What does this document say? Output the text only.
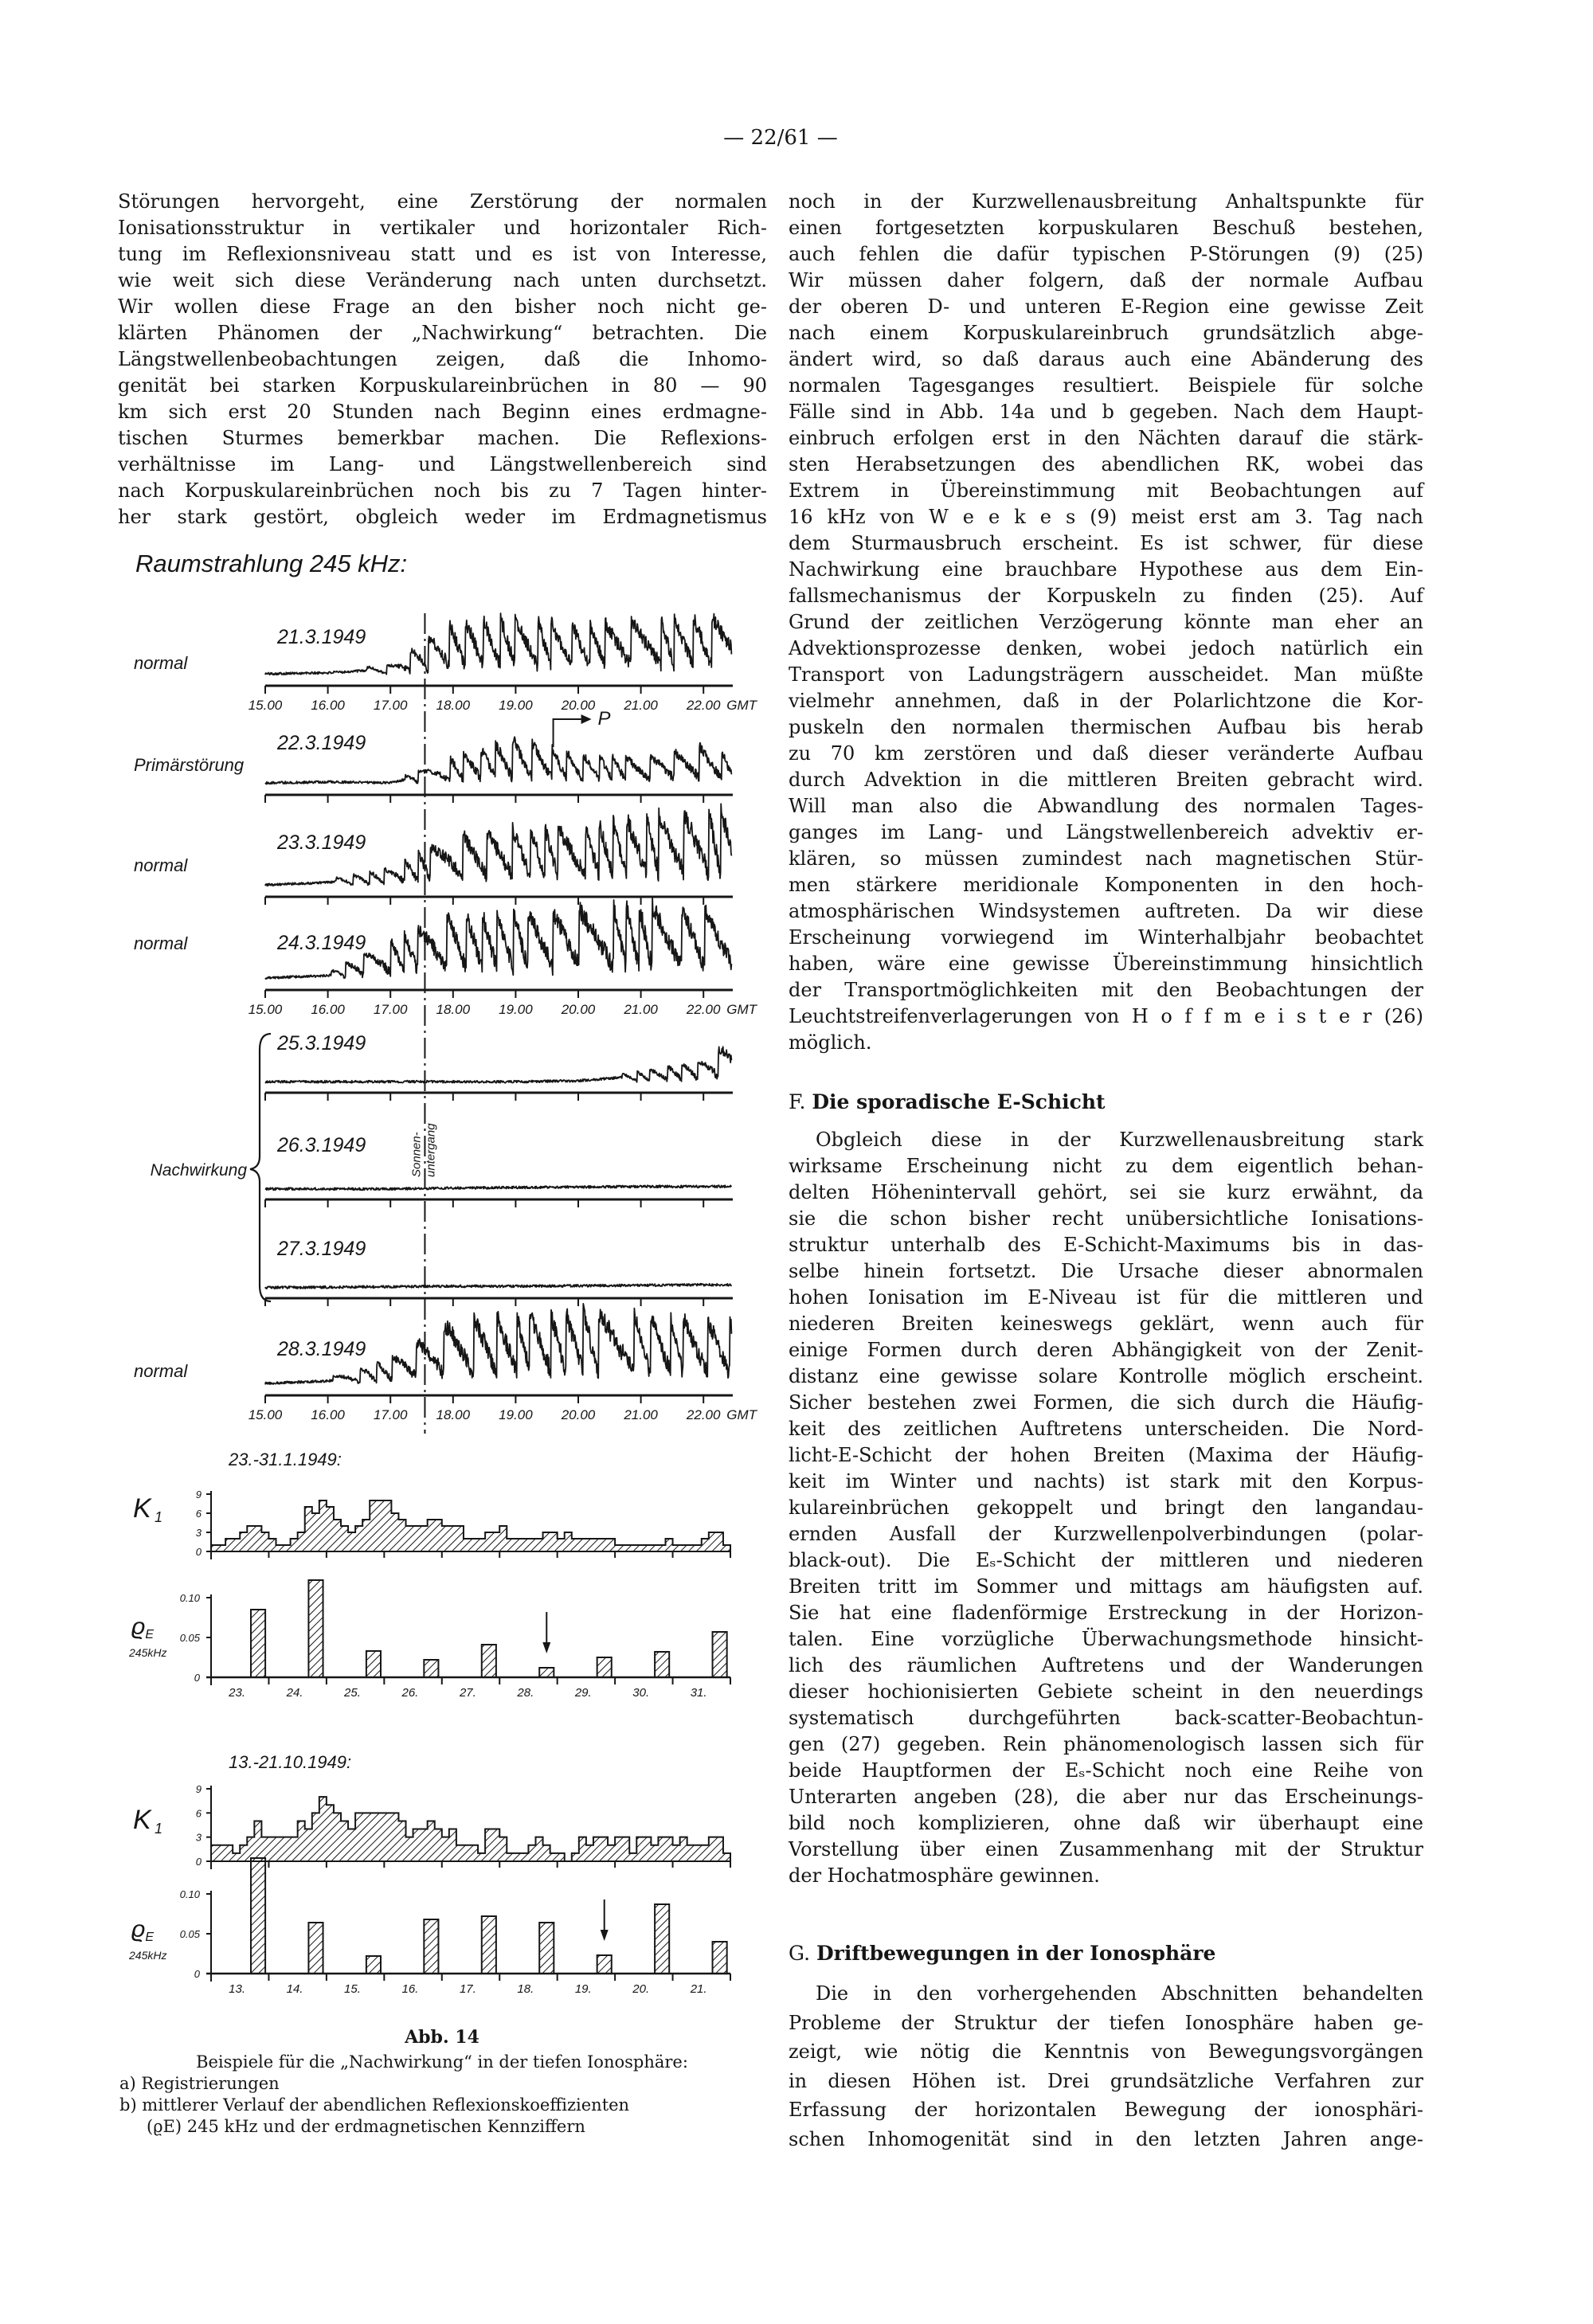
— 22/61 —
Störungen hervorgeht, eine Zerstörung der normalen
Ionisationsstruktur in vertikaler und horizontaler Rich-
tung im Reflexionsniveau statt und es ist von Interesse,
wie weit sich diese Veränderung nach unten durchsetzt.
Wir wollen diese Frage an den bisher noch nicht ge-
klärten Phänomen der „Nachwirkung“ betrachten. Die
Längstwellenbeobachtungen zeigen, daß die Inhomo-
genität bei starken Korpuskulareinbrüchen in 80 — 90
km sich erst 20 Stunden nach Beginn eines erdmagne-
tischen Sturmes bemerkbar machen. Die Reflexions-
verhältnisse im Lang- und Längstwellenbereich sind
nach Korpuskulareinbrüchen noch bis zu 7 Tagen hinter-
her stark gestört, obgleich weder im Erdmagnetismus
noch in der Kurzwellenausbreitung Anhaltspunkte für
einen fortgesetzten korpuskularen Beschuß bestehen,
auch fehlen die dafür typischen P-Störungen (9) (25)
Wir müssen daher folgern, daß der normale Aufbau
der oberen D- und unteren E-Region eine gewisse Zeit
nach einem Korpuskulareinbruch grundsätzlich abge-
ändert wird, so daß daraus auch eine Abänderung des
normalen Tagesganges resultiert. Beispiele für solche
Fälle sind in Abb. 14a und b gegeben. Nach dem Haupt-
einbruch erfolgen erst in den Nächten darauf die stärk-
sten Herabsetzungen des abendlichen RK, wobei das
Extrem in Übereinstimmung mit Beobachtungen auf
16 kHz von W e e k e s (9) meist erst am 3. Tag nach
dem Sturmausbruch erscheint. Es ist schwer, für diese
Nachwirkung eine brauchbare Hypothese aus dem Ein-
fallsmechanismus der Korpuskeln zu finden (25). Auf
Grund der zeitlichen Verzögerung könnte man eher an
Advektionsprozesse denken, wobei jedoch natürlich ein
Transport von Ladungsträgern ausscheidet. Man müßte
vielmehr annehmen, daß in der Polarlichtzone die Kor-
puskeln den normalen thermischen Aufbau bis herab
zu 70 km zerstören und daß dieser veränderte Aufbau
durch Advektion in die mittleren Breiten gebracht wird.
Will man also die Abwandlung des normalen Tages-
ganges im Lang- und Längstwellenbereich advektiv er-
klären, so müssen zumindest nach magnetischen Stür-
men stärkere meridionale Komponenten in den hoch-
atmosphärischen Windsystemen auftreten. Da wir diese
Erscheinung vorwiegend im Winterhalbjahr beobachtet
haben, wäre eine gewisse Übereinstimmung hinsichtlich
der Transportmöglichkeiten mit den Beobachtungen der
Leuchtstreifenverlagerungen von H o f f m e i s t e r (26)
möglich.
F. Die sporadische E-Schicht
Obgleich diese in der Kurzwellenausbreitung stark
wirksame Erscheinung nicht zu dem eigentlich behan-
delten Höhenintervall gehört, sei sie kurz erwähnt, da
sie die schon bisher recht unübersichtliche Ionisations-
struktur unterhalb des E-Schicht-Maximums bis in das-
selbe hinein fortsetzt. Die Ursache dieser abnormalen
hohen Ionisation im E-Niveau ist für die mittleren und
niederen Breiten keineswegs geklärt, wenn auch für
einige Formen durch deren Abhängigkeit von der Zenit-
distanz eine gewisse solare Kontrolle möglich erscheint.
Sicher bestehen zwei Formen, die sich durch die Häufig-
keit des zeitlichen Auftretens unterscheiden. Die Nord-
licht-E-Schicht der hohen Breiten (Maxima der Häufig-
keit im Winter und nachts) ist stark mit den Korpus-
kulareinbrüchen gekoppelt und bringt den langandau-
ernden Ausfall der Kurzwellenpolverbindungen (polar-
black-out). Die Eₛ-Schicht der mittleren und niederen
Breiten tritt im Sommer und mittags am häufigsten auf.
Sie hat eine fladenförmige Erstreckung in der Horizon-
talen. Eine vorzügliche Überwachungsmethode hinsicht-
lich des räumlichen Auftretens und der Wanderungen
dieser hochionisierten Gebiete scheint in den neuerdings
systematisch durchgeführten back-scatter-Beobachtun-
gen (27) gegeben. Rein phänomenologisch lassen sich für
beide Hauptformen der Eₛ-Schicht noch eine Reihe von
Unterarten angeben (28), die aber nur das Erscheinungs-
bild noch komplizieren, ohne daß wir überhaupt eine
Vorstellung über einen Zusammenhang mit der Struktur
der Hochatmosphäre gewinnen.
G. Driftbewegungen in der Ionosphäre
Die in den vorhergehenden Abschnitten behandelten
Probleme der Struktur der tiefen Ionosphäre haben ge-
zeigt, wie nötig die Kenntnis von Bewegungsvorgängen
in diesen Höhen ist. Drei grundsätzliche Verfahren zur
Erfassung der horizontalen Bewegung der ionosphäri-
schen Inhomogenität sind in den letzten Jahren ange-
Raumstrahlung 245 kHz:
21.3.1949
normal
15.00 16.00 17.00 18.00 19.00 20.00 21.00 22.00 GMT
22.3.1949
Primärstörung
P
23.3.1949
normal
24.3.1949
normal
15.00 16.00 17.00 18.00 19.00 20.00 21.00 22.00 GMT
25.3.1949
26.3.1949
27.3.1949
28.3.1949
normal
15.00 16.00 17.00 18.00 19.00 20.00 21.00 22.00 GMT
Sonnen-untergang
Nachwirkung
23.-31.1.1949:
0
3
6
9
K 1
0
0.05
0.10
23.	24.	25.	26.	27.	28.	29.	30.	31.
ϱE
245kHz
13.-21.10.1949:
0
3
6
9
K 1
0
0.05
0.10
13.	14.	15.	16.	17.	18.	19.	20.	21.
ϱE
245kHz
Abb. 14
Beispiele für die „Nachwirkung“ in der tiefen Ionosphäre:
a) Registrierungen
b) mittlerer Verlauf der abendlichen Reflexionskoeffizienten
(ϱE) 245 kHz und der erdmagnetischen Kennziffern
